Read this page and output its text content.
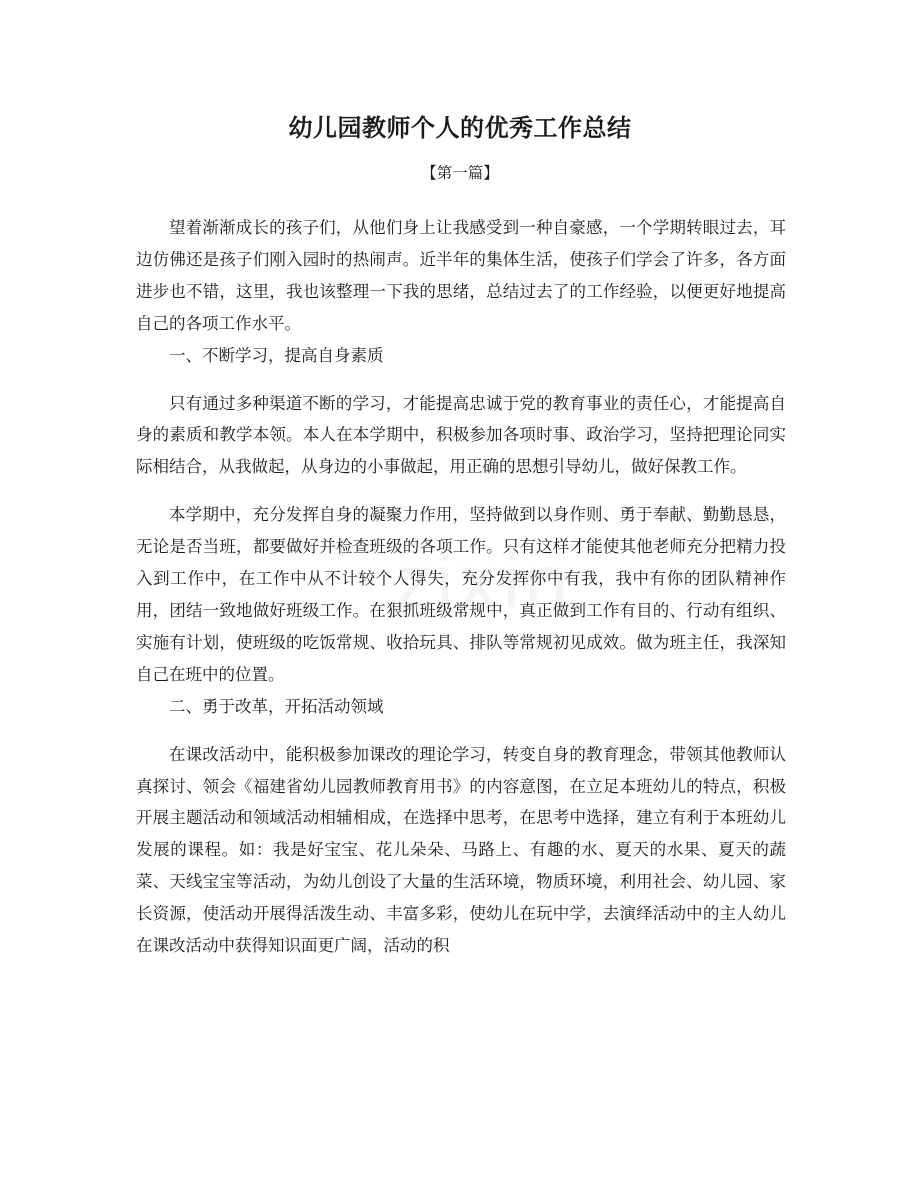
zixin
幼儿园教师个人的优秀工作总结
【第一篇】

望着渐渐成长的孩子们，从他们身上让我感受到一种自豪感，一个学期转眼过去，耳边仿佛还是孩子们刚入园时的热闹声。近半年的集体生活，使孩子们学会了许多，各方面进步也不错，这里，我也该整理一下我的思绪，总结过去了的工作经验，以便更好地提高自己的各项工作水平。

一、不断学习，提高自身素质

只有通过多种渠道不断的学习，才能提高忠诚于党的教育事业的责任心，才能提高自身的素质和教学本领。本人在本学期中，积极参加各项时事、政治学习，坚持把理论同实际相结合，从我做起，从身边的小事做起，用正确的思想引导幼儿，做好保教工作。

本学期中，充分发挥自身的凝聚力作用，坚持做到以身作则、勇于奉献、勤勤恳恳，无论是否当班，都要做好并检查班级的各项工作。只有这样才能使其他老师充分把精力投入到工作中，在工作中从不计较个人得失，充分发挥你中有我，我中有你的团队精神作用，团结一致地做好班级工作。在狠抓班级常规中，真正做到工作有目的、行动有组织、实施有计划，使班级的吃饭常规、收拾玩具、排队等常规初见成效。做为班主任，我深知自己在班中的位置。

二、勇于改革，开拓活动领域

在课改活动中，能积极参加课改的理论学习，转变自身的教育理念，带领其他教师认真探讨、领会《福建省幼儿园教师教育用书》的内容意图，在立足本班幼儿的特点，积极开展主题活动和领域活动相辅相成，在选择中思考，在思考中选择，建立有利于本班幼儿发展的课程。如：我是好宝宝、花儿朵朵、马路上、有趣的水、夏天的水果、夏天的蔬菜、天线宝宝等活动，为幼儿创设了大量的生活环境，物质环境，利用社会、幼儿园、家长资源，使活动开展得活泼生动、丰富多彩，使幼儿在玩中学，去演绎活动中的主人幼儿在课改活动中获得知识面更广阔，活动的积
